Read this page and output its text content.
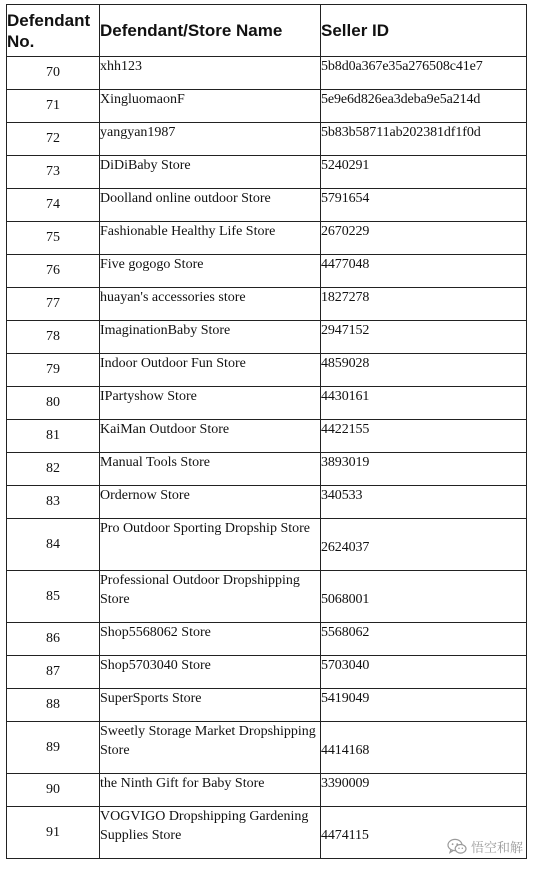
Defendant No.	Defendant/Store Name	Seller ID
70	xhh123	5b8d0a367e35a276508c41e7
71	XingluomaonF	5e9e6d826ea3deba9e5a214d
72	yangyan1987	5b83b58711ab202381df1f0d
73	DiDiBaby Store	5240291
74	Doolland online outdoor Store	5791654
75	Fashionable Healthy Life Store	2670229
76	Five gogogo Store	4477048
77	huayan's accessories store	1827278
78	ImaginationBaby Store	2947152
79	Indoor Outdoor Fun Store	4859028
80	IPartyshow Store	4430161
81	KaiMan Outdoor Store	4422155
82	Manual Tools Store	3893019
83	Ordernow Store	340533
84	Pro Outdoor Sporting Dropship Store	2624037
85	Professional Outdoor Dropshipping Store	5068001
86	Shop5568062 Store	5568062
87	Shop5703040 Store	5703040
88	SuperSports Store	5419049
89	Sweetly Storage Market Dropshipping Store	4414168
90	the Ninth Gift for Baby Store	3390009
91	VOGVIGO Dropshipping Gardening Supplies Store	4474115
悟空和解
